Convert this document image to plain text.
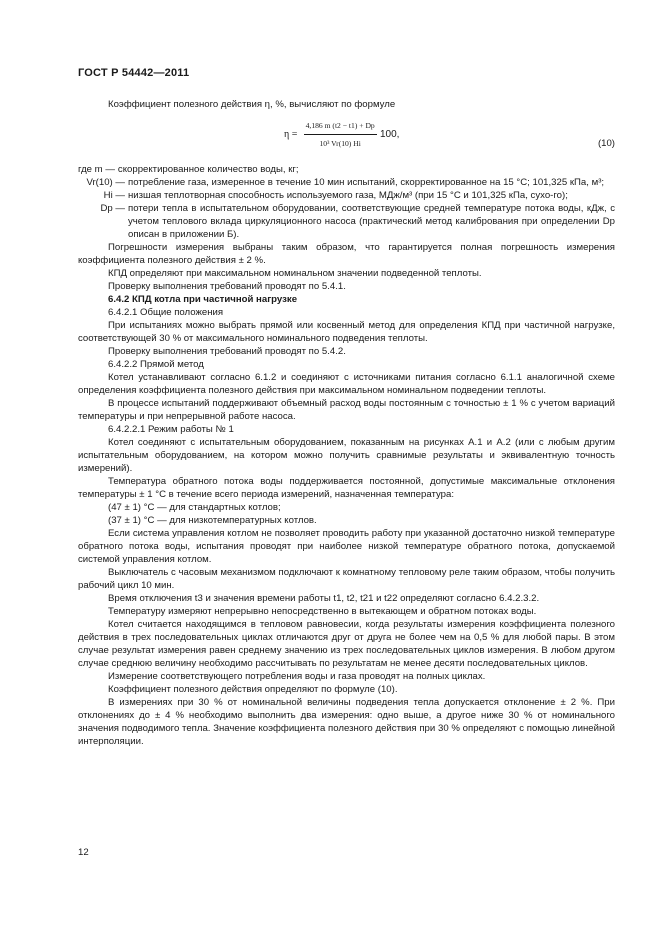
ГОСТ Р 54442—2011

Коэффициент полезного действия η, %, вычисляют по формуле

$\eta = \frac{4,186 m (t2 - t1) + Dp}{\text{10³ Vr(10) Hi}} 100$,
(10)
где m — скорректированное количество воды, кг;
Vr(10) — потребление газа, измеренное в течение 10 мин испытаний, скорректированное на 15 °С; 101,325 кПа, м³;
Hi — низшая теплотворная способность используемого газа, МДж/м³ (при 15 °С и 101,325 кПа, сухо-го);
Dp — потери тепла в испытательном оборудовании, соответствующие средней температуре потока воды, кДж, с учетом теплового вклада циркуляционного насоса (практический метод калибрования при определении Dp описан в приложении Б).

Погрешности измерения выбраны таким образом, что гарантируется полная погрешность измерения коэффициента полезного действия ± 2 %.

КПД определяют при максимальном номинальном значении подведенной теплоты.

Проверку выполнения требований проводят по 5.4.1.

6.4.2 КПД котла при частичной нагрузке

6.4.2.1 Общие положения

При испытаниях можно выбрать прямой или косвенный метод для определения КПД при частичной нагрузке, соответствующей 30 % от максимального номинального подведения теплоты.

Проверку выполнения требований проводят по 5.4.2.

6.4.2.2 Прямой метод

Котел устанавливают согласно 6.1.2 и соединяют с источниками питания согласно 6.1.1 аналогичной схеме определения коэффициента полезного действия при максимальном номинальном подведении теплоты.

В процессе испытаний поддерживают объемный расход воды постоянным с точностью ± 1 % с учетом вариаций температуры и при непрерывной работе насоса.

6.4.2.2.1 Режим работы № 1

Котел соединяют с испытательным оборудованием, показанным на рисунках А.1 и А.2 (или с любым другим испытательным оборудованием, на котором можно получить сравнимые результаты и эквивалентную точность измерений).

Температура обратного потока воды поддерживается постоянной, допустимые максимальные отклонения температуры ± 1 °С в течение всего периода измерений, назначенная температура:

(47 ± 1) °С — для стандартных котлов;

(37 ± 1) °С — для низкотемпературных котлов.

Если система управления котлом не позволяет проводить работу при указанной достаточно низкой температуре обратного потока воды, испытания проводят при наиболее низкой температуре обратного потока, допускаемой системой управления котлом.

Выключатель с часовым механизмом подключают к комнатному тепловому реле таким образом, чтобы получить рабочий цикл 10 мин.

Время отключения t3 и значения времени работы t1, t2, t21 и t22 определяют согласно 6.4.2.3.2.

Температуру измеряют непрерывно непосредственно в вытекающем и обратном потоках воды.

Котел считается находящимся в тепловом равновесии, когда результаты измерения коэффициента полезного действия в трех последовательных циклах отличаются друг от друга не более чем на 0,5 % для любой пары. В этом случае результат измерения равен среднему значению из трех последовательных циклов измерения. В любом другом случае среднюю величину необходимо рассчитывать по результатам не менее десяти последовательных циклов.

Измерение соответствующего потребления воды и газа проводят на полных циклах.

Коэффициент полезного действия определяют по формуле (10).

В измерениях при 30 % от номинальной величины подведения тепла допускается отклонение ± 2 %. При отклонениях до ± 4 % необходимо выполнить два измерения: одно выше, а другое ниже 30 % от номинального значения подводимого тепла. Значение коэффициента полезного действия при 30 % определяют с помощью линейной интерполяции.

12
